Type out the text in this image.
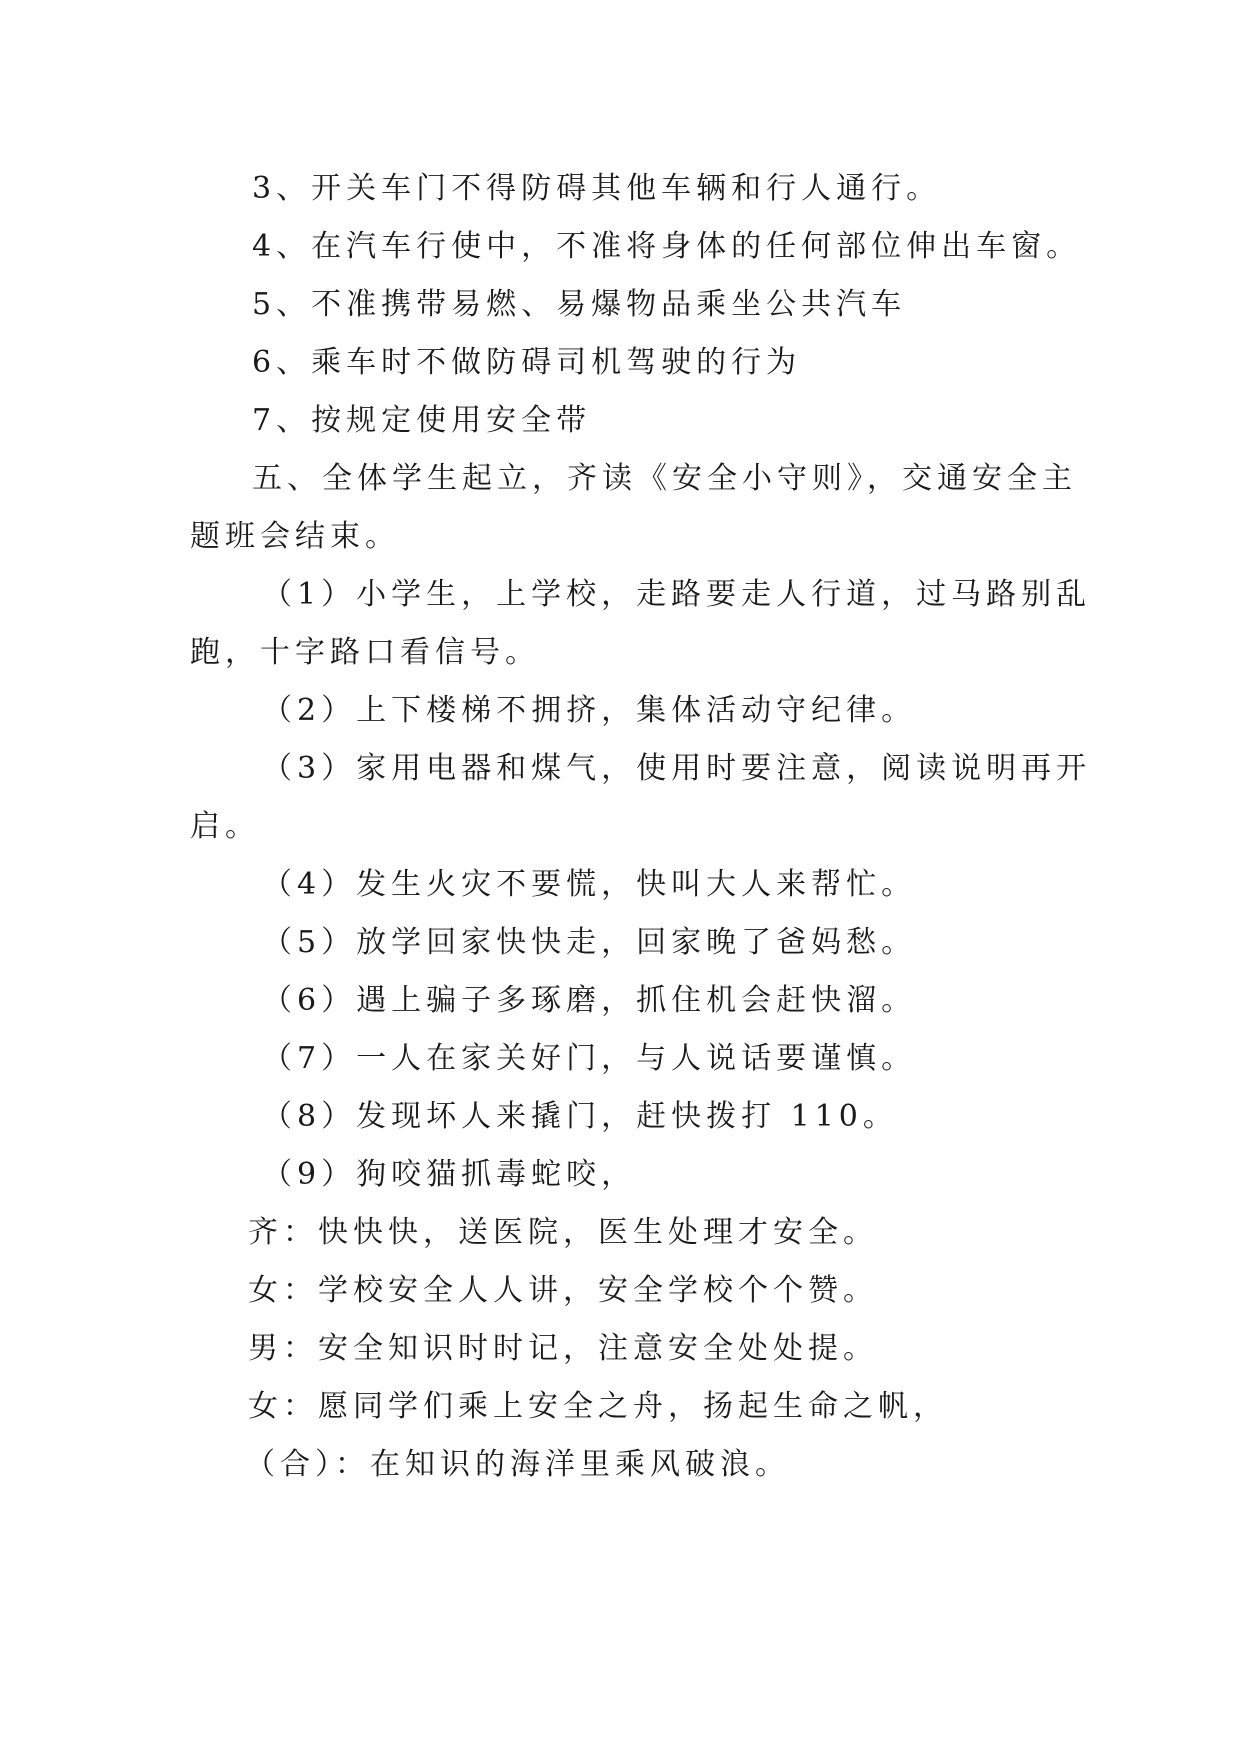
3、开关车门不得防碍其他车辆和行人通行。
4、在汽车行使中，不准将身体的任何部位伸出车窗。
5、不准携带易燃、易爆物品乘坐公共汽车
6、乘车时不做防碍司机驾驶的行为
7、按规定使用安全带
五、全体学生起立，齐读《安全小守则》，交通安全主
题班会结束。
（1）小学生，上学校，走路要走人行道，过马路别乱
跑，十字路口看信号。
（2）上下楼梯不拥挤，集体活动守纪律。
（3）家用电器和煤气，使用时要注意，阅读说明再开
启。
（4）发生火灾不要慌，快叫大人来帮忙。
（5）放学回家快快走，回家晚了爸妈愁。
（6）遇上骗子多琢磨，抓住机会赶快溜。
（7）一人在家关好门，与人说话要谨慎。
（8）发现坏人来撬门，赶快拨打 110。
（9）狗咬猫抓毒蛇咬，
齐：快快快，送医院，医生处理才安全。
女：学校安全人人讲，安全学校个个赞。
男：安全知识时时记，注意安全处处提。
女：愿同学们乘上安全之舟，扬起生命之帆，
（合）：在知识的海洋里乘风破浪。
